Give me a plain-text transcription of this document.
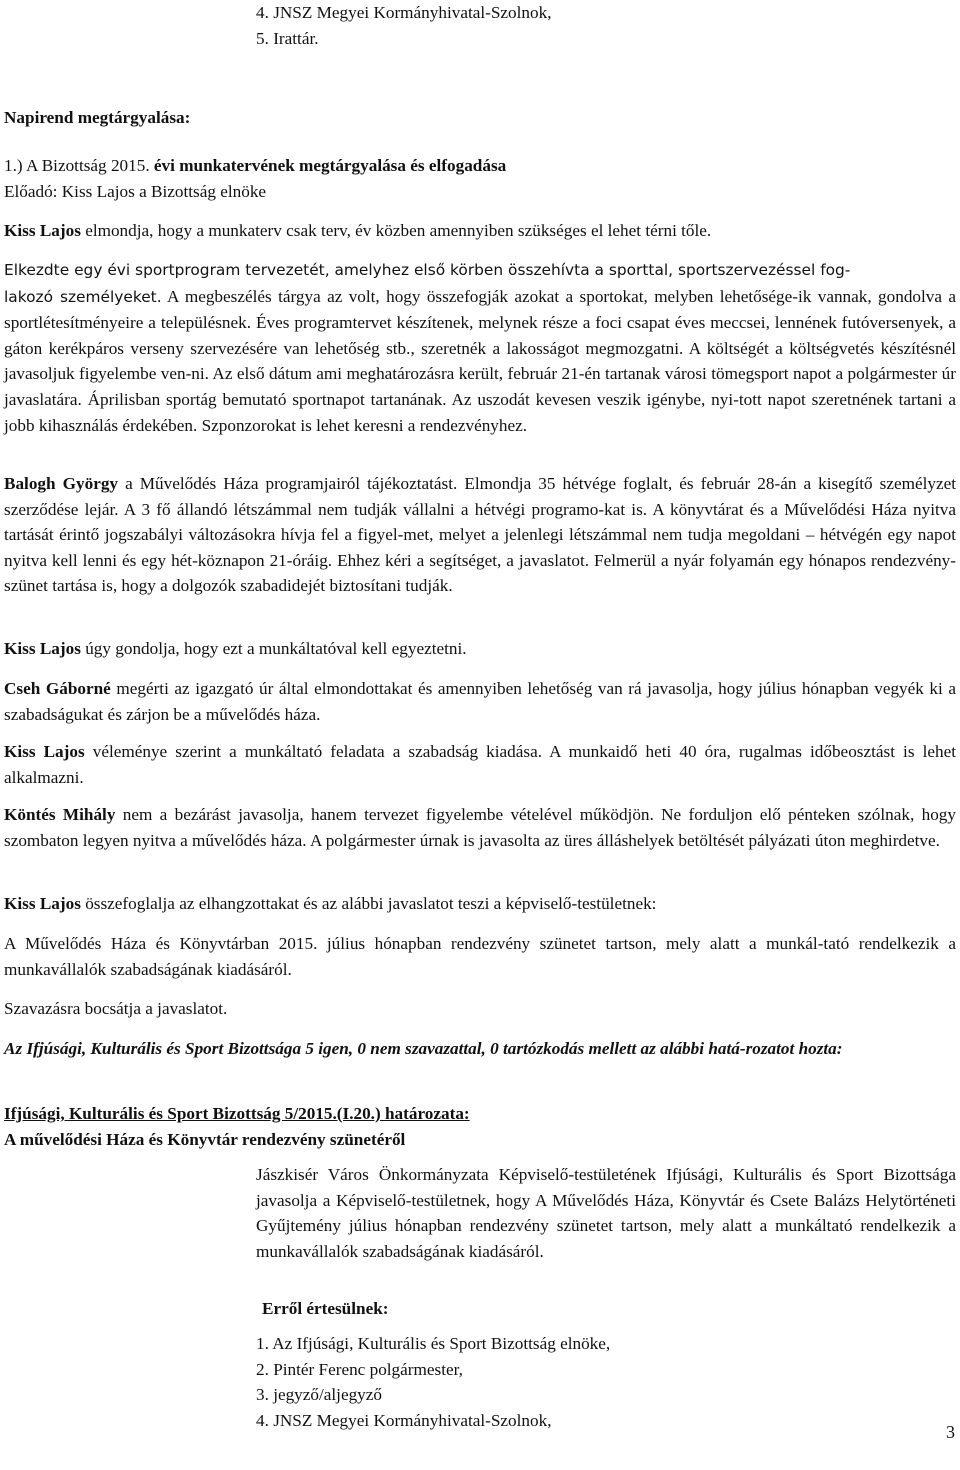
4. JNSZ Megyei Kormányhivatal-Szolnok,
5. Irattár.
Napirend megtárgyalása:
1.) A Bizottság 2015. évi munkatervének megtárgyalása és elfogadása
Előadó: Kiss Lajos a Bizottság elnöke
Kiss Lajos elmondja, hogy a munkaterv csak terv, év közben amennyiben szükséges el lehet térni tőle.
Elkezdte egy évi sportprogram tervezetét, amelyhez első körben összehívta a sporttal, sportszervezéssel fog-
lakozó személyeket. A megbeszélés tárgya az volt, hogy összefogják azokat a sportokat, melyben lehetősége-ik vannak, gondolva a sportlétesítményeire a településnek. Éves programtervet készítenek, melynek része a foci csapat éves meccsei, lennének futóversenyek, a gáton kerékpáros verseny szervezésére van lehetőség stb., szeretnék a lakosságot megmozgatni. A költségét a költségvetés készítésnél javasoljuk figyelembe ven-ni. Az első dátum ami meghatározásra került, február 21-én tartanak városi tömegsport napot a polgármester úr javaslatára. Áprilisban sportág bemutató sportnapot tartanának. Az uszodát kevesen veszik igénybe, nyi-tott napot szeretnének tartani a jobb kihasználás érdekében. Szponzorokat is lehet keresni a rendezvényhez.
Balogh György a Művelődés Háza programjairól tájékoztatást. Elmondja 35 hétvége foglalt, és február 28-án a kisegítő személyzet szerződése lejár. A 3 fő állandó létszámmal nem tudják vállalni a hétvégi programo-kat is. A könyvtárat és a Művelődési Háza nyitva tartását érintő jogszabályi változásokra hívja fel a figyel-met, melyet a jelenlegi létszámmal nem tudja megoldani – hétvégén egy napot nyitva kell lenni és egy hét-köznapon 21-óráig. Ehhez kéri a segítséget, a javaslatot. Felmerül a nyár folyamán egy hónapos rendezvény-szünet tartása is, hogy a dolgozók szabadidejét biztosítani tudják.
Kiss Lajos úgy gondolja, hogy ezt a munkáltatóval kell egyeztetni.
Cseh Gáborné megérti az igazgató úr által elmondottakat és amennyiben lehetőség van rá javasolja, hogy július hónapban vegyék ki a szabadságukat és zárjon be a művelődés háza.
Kiss Lajos véleménye szerint a munkáltató feladata a szabadság kiadása. A munkaidő heti 40 óra, rugalmas időbeosztást is lehet alkalmazni.
Köntés Mihály nem a bezárást javasolja, hanem tervezet figyelembe vételével működjön. Ne forduljon elő pénteken szólnak, hogy szombaton legyen nyitva a művelődés háza. A polgármester úrnak is javasolta az üres álláshelyek betöltését pályázati úton meghirdetve.
Kiss Lajos összefoglalja az elhangzottakat és az alábbi javaslatot teszi a képviselő-testületnek:
A Művelődés Háza és Könyvtárban 2015. július hónapban rendezvény szünetet tartson, mely alatt a munkál-tató rendelkezik a munkavállalók szabadságának kiadásáról.
Szavazásra bocsátja a javaslatot.
Az Ifjúsági, Kulturális és Sport Bizottsága 5 igen, 0 nem szavazattal, 0 tartózkodás mellett az alábbi hatá-rozatot hozta:
Ifjúsági, Kulturális és Sport Bizottság 5/2015.(I.20.) határozata:
A művelődési Háza és Könyvtár rendezvény szünetéről
Jászkisér Város Önkormányzata Képviselő-testületének Ifjúsági, Kulturális és Sport Bizottsága javasolja a Képviselő-testületnek, hogy A Művelődés Háza, Könyvtár és Csete Balázs Helytörténeti Gyűjtemény július hónapban rendezvény szünetet tartson, mely alatt a munkáltató rendelkezik a munkavállalók szabadságának kiadásáról.
Erről értesülnek:
1. Az Ifjúsági, Kulturális és Sport Bizottság elnöke,
2. Pintér Ferenc polgármester,
3. jegyző/aljegyző
4. JNSZ Megyei Kormányhivatal-Szolnok,
3
